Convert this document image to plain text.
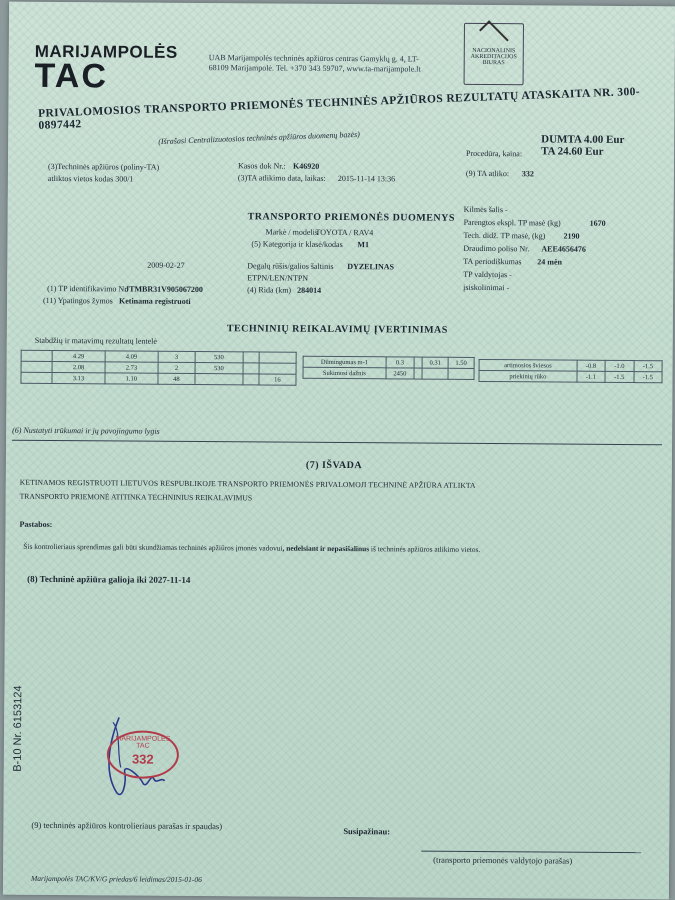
MARIJAMPOLĖS
TAC	UAB Marijampolės techninės apžiūros centras Gamyklų g. 4, LT-68109 Marijampolė. Tel. +370 343 59707, www.ta-marijampole.lt
NACIONALINIS AKREDITACIJOS BIURAS
PRIVALOMOSIOS TRANSPORTO PRIEMONĖS TECHNINĖS APŽIŪROS REZULTATŲ ATASKAITA NR. 300-0897442
(Išrašasi Centralizuotosios techninės apžiūros duomenų bazės)
(3)Techninės apžiūros (poliny-TA)
atliktos vietos kodas 300/1
Kasos dok Nr.: K46920
(3)TA atlikimo data, laikas: 2015-11-14 13:36
Procedūra, kaina:
(9) TA atliko: 332
DUMTA 4.00 Eur
TA 24.60 Eur
TRANSPORTO PRIEMONĖS DUOMENYS
Markė / modelis
TOYOTA / RAV4
(5) Kategorija ir klasė/kodas M1
2009-02-27
(1) TP identifikavimo Nr.
JTMBR31V905067200
(11) Ypatingos žymos Ketinama registruoti
Degalų rūšis/galios šaltinis DYZELINAS
ETPN/LEN/NTPN
(4) Rida (km) 284014
Kilmės šalis -
Parengtos ekspl. TP masė (kg)	1670
Tech. didž. TP masė, (kg) 2190
Draudimo poliso Nr. AEE4656476
TA periodiškumas 24 mėn
TP valdytojas -
įsiskolinimai -
TECHNINIŲ REIKALAVIMŲ ĮVERTINIMAS
Stabdžių ir matavimų rezultatų lentelė
	4.29	4.09	3	530		
	2.08	2.73	2	530		
	3.13	1.10	48			16
Dūmingumas m-1	0.3		0.31	1.50
Sukimosi dažnis	2450			
artimosios šviesos	-0.8	-1.0	-1.5
priekinių rūko	-1.1	-1.5	-1.5
(6) Nustatyti trūkumai ir jų pavojingumo lygis
(7) IŠVADA
KETINAMOS REGISTRUOTI LIETUVOS RESPUBLIKOJE TRANSPORTO PRIEMONĖS PRIVALOMOJI TECHNINĖ APŽIŪRA ATLIKTA
TRANSPORTO PRIEMONĖ ATITINKA TECHNINIUS REIKALAVIMUS
Pastabos:
Šis kontrolieriaus sprendimas gali būti skundžiamas techninės apžiūros įmonės vadovui, nedelsiant ir nepasišalinus iš techninės apžiūros atlikimo vietos.
(8) Techninė apžiūra galioja iki 2027-11-14
MARIJAMPOLĖS TAC
332
B-10 Nr. 6153124
(9) techninės apžiūros kontrolieriaus parašas ir spaudas)
Susipažinau:
(transporto priemonės valdytojo parašas)
Marijampolės TAC/KV/G priedas/6 leidimas/2015-01-06
